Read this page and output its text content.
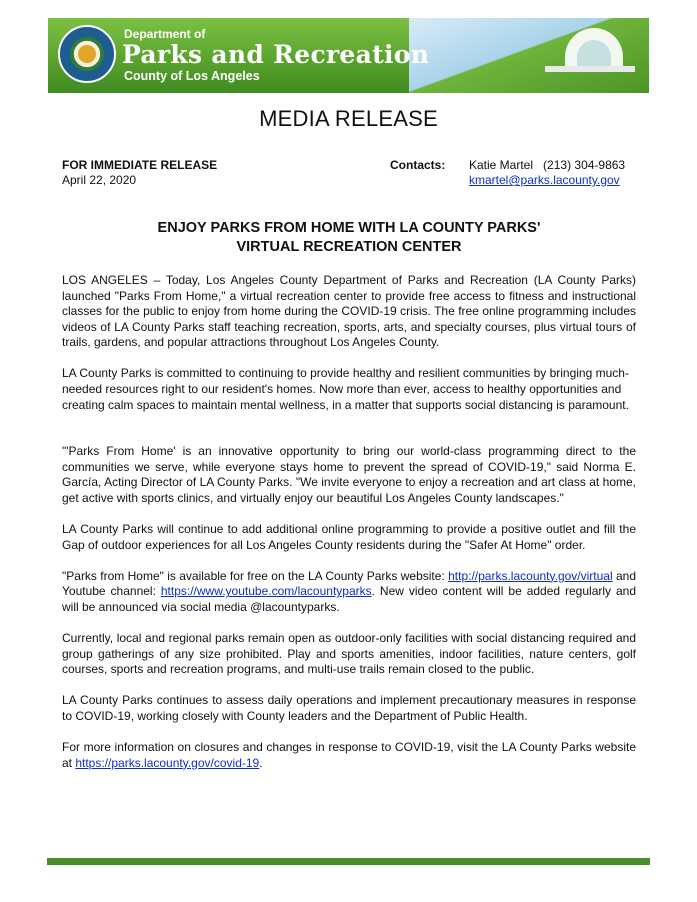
Department of
Parks and Recreation
County of Los Angeles
MEDIA RELEASE
FOR IMMEDIATE RELEASE
April 22, 2020
Contacts: Katie Martel (213) 304-9863
kmartel@parks.lacounty.gov
ENJOY PARKS FROM HOME WITH LA COUNTY PARKS'
VIRTUAL RECREATION CENTER

LOS ANGELES – Today, Los Angeles County Department of Parks and Recreation (LA County Parks) launched "Parks From Home," a virtual recreation center to provide free access to fitness and instructional classes for the public to enjoy from home during the COVID-19 crisis. The free online programming includes videos of LA County Parks staff teaching recreation, sports, arts, and specialty courses, plus virtual tours of trails, gardens, and popular attractions throughout Los Angeles County.

LA County Parks is committed to continuing to provide healthy and resilient communities by bringing much-needed resources right to our resident's homes. Now more than ever, access to healthy opportunities and creating calm spaces to maintain mental wellness, in a matter that supports social distancing is paramount.

"'Parks From Home' is an innovative opportunity to bring our world-class programming direct to the communities we serve, while everyone stays home to prevent the spread of COVID-19," said Norma E. García, Acting Director of LA County Parks. "We invite everyone to enjoy a recreation and art class at home, get active with sports clinics, and virtually enjoy our beautiful Los Angeles County landscapes."

LA County Parks will continue to add additional online programming to provide a positive outlet and fill the Gap of outdoor experiences for all Los Angeles County residents during the "Safer At Home" order.

"Parks from Home" is available for free on the LA County Parks website: http://parks.lacounty.gov/virtual and Youtube channel: https://www.youtube.com/lacountyparks. New video content will be added regularly and will be announced via social media @lacountyparks.

Currently, local and regional parks remain open as outdoor-only facilities with social distancing required and group gatherings of any size prohibited. Play and sports amenities, indoor facilities, nature centers, golf courses, sports and recreation programs, and multi-use trails remain closed to the public.

LA County Parks continues to assess daily operations and implement precautionary measures in response to COVID-19, working closely with County leaders and the Department of Public Health.

For more information on closures and changes in response to COVID-19, visit the LA County Parks website at https://parks.lacounty.gov/covid-19.
